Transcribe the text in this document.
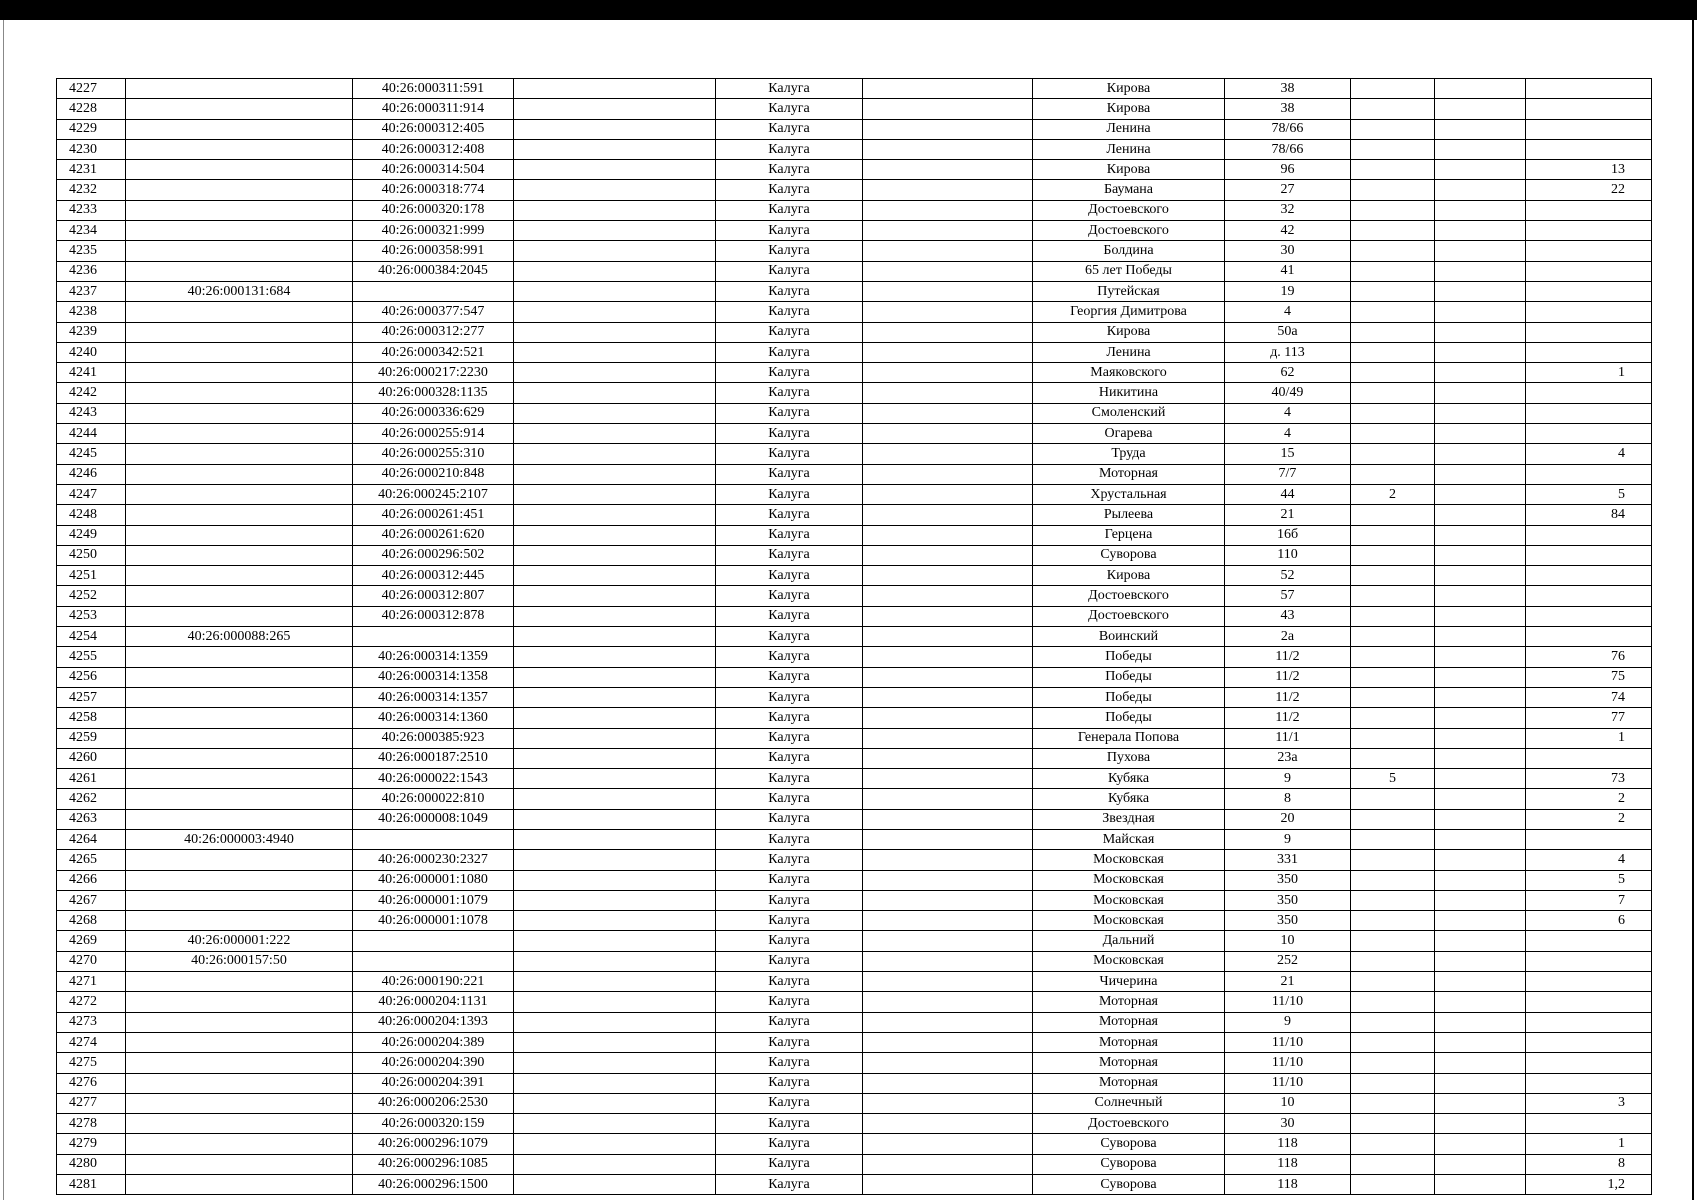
4227		40:26:000311:591		Калуга		Кирова	38			
4228		40:26:000311:914		Калуга		Кирова	38			
4229		40:26:000312:405		Калуга		Ленина	78/66			
4230		40:26:000312:408		Калуга		Ленина	78/66			
4231		40:26:000314:504		Калуга		Кирова	96			13
4232		40:26:000318:774		Калуга		Баумана	27			22
4233		40:26:000320:178		Калуга		Достоевского	32			
4234		40:26:000321:999		Калуга		Достоевского	42			
4235		40:26:000358:991		Калуга		Болдина	30			
4236		40:26:000384:2045		Калуга		65 лет Победы	41			
4237	40:26:000131:684			Калуга		Путейская	19			
4238		40:26:000377:547		Калуга		Георгия Димитрова	4			
4239		40:26:000312:277		Калуга		Кирова	50а			
4240		40:26:000342:521		Калуга		Ленина	д. 113			
4241		40:26:000217:2230		Калуга		Маяковского	62			1
4242		40:26:000328:1135		Калуга		Никитина	40/49			
4243		40:26:000336:629		Калуга		Смоленский	4			
4244		40:26:000255:914		Калуга		Огарева	4			
4245		40:26:000255:310		Калуга		Труда	15			4
4246		40:26:000210:848		Калуга		Моторная	7/7			
4247		40:26:000245:2107		Калуга		Хрустальная	44	2		5
4248		40:26:000261:451		Калуга		Рылеева	21			84
4249		40:26:000261:620		Калуга		Герцена	16б			
4250		40:26:000296:502		Калуга		Суворова	110			
4251		40:26:000312:445		Калуга		Кирова	52			
4252		40:26:000312:807		Калуга		Достоевского	57			
4253		40:26:000312:878		Калуга		Достоевского	43			
4254	40:26:000088:265			Калуга		Воинский	2а			
4255		40:26:000314:1359		Калуга		Победы	11/2			76
4256		40:26:000314:1358		Калуга		Победы	11/2			75
4257		40:26:000314:1357		Калуга		Победы	11/2			74
4258		40:26:000314:1360		Калуга		Победы	11/2			77
4259		40:26:000385:923		Калуга		Генерала Попова	11/1			1
4260		40:26:000187:2510		Калуга		Пухова	23а			
4261		40:26:000022:1543		Калуга		Кубяка	9	5		73
4262		40:26:000022:810		Калуга		Кубяка	8			2
4263		40:26:000008:1049		Калуга		Звездная	20			2
4264	40:26:000003:4940			Калуга		Майская	9			
4265		40:26:000230:2327		Калуга		Московская	331			4
4266		40:26:000001:1080		Калуга		Московская	350			5
4267		40:26:000001:1079		Калуга		Московская	350			7
4268		40:26:000001:1078		Калуга		Московская	350			6
4269	40:26:000001:222			Калуга		Дальний	10			
4270	40:26:000157:50			Калуга		Московская	252			
4271		40:26:000190:221		Калуга		Чичерина	21			
4272		40:26:000204:1131		Калуга		Моторная	11/10			
4273		40:26:000204:1393		Калуга		Моторная	9			
4274		40:26:000204:389		Калуга		Моторная	11/10			
4275		40:26:000204:390		Калуга		Моторная	11/10			
4276		40:26:000204:391		Калуга		Моторная	11/10			
4277		40:26:000206:2530		Калуга		Солнечный	10			3
4278		40:26:000320:159		Калуга		Достоевского	30			
4279		40:26:000296:1079		Калуга		Суворова	118			1
4280		40:26:000296:1085		Калуга		Суворова	118			8
4281		40:26:000296:1500		Калуга		Суворова	118			1,2
